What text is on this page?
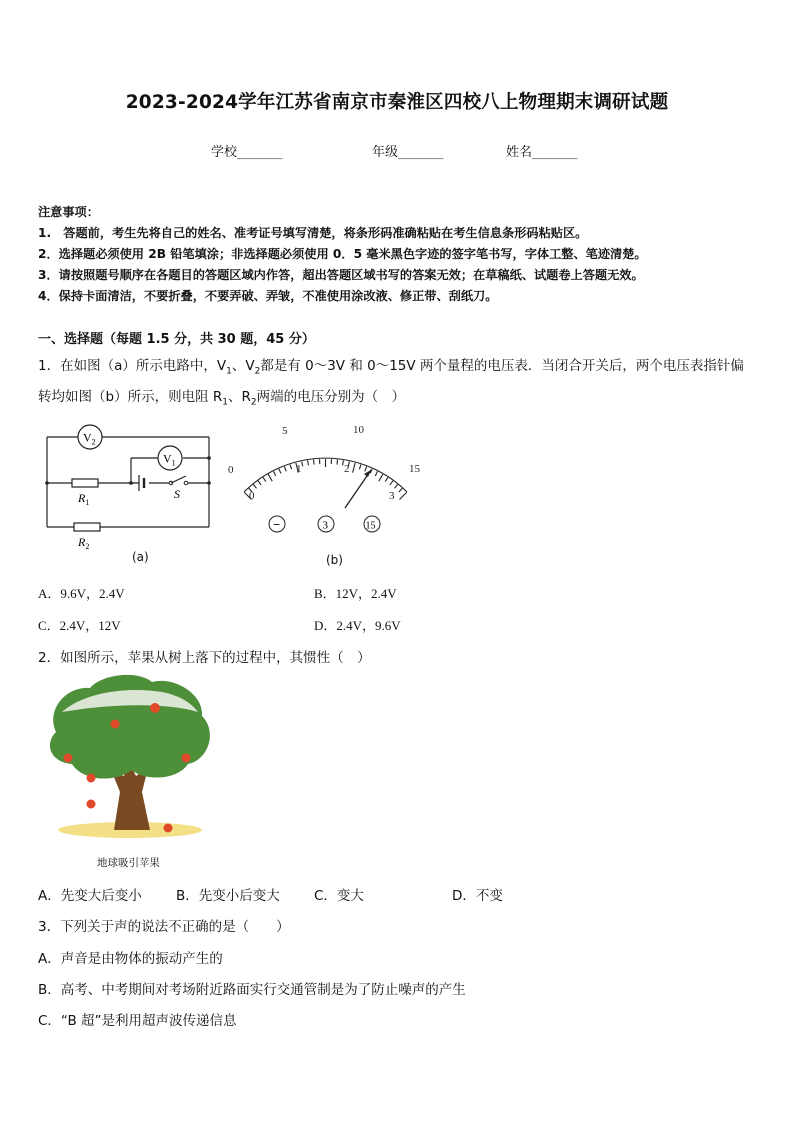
2023-2024学年江苏省南京市秦淮区四校八上物理期末调研试题
学校_______	年级_______	姓名_______
注意事项：
1.　答题前，考生先将自己的姓名、准考证号填写清楚，将条形码准确粘贴在考生信息条形码粘贴区。
2．选择题必须使用 2B 铅笔填涂；非选择题必须使用 0．5 毫米黑色字迹的签字笔书写，字体工整、笔迹清楚。
3．请按照题号顺序在各题目的答题区域内作答，超出答题区域书写的答案无效；在草稿纸、试题卷上答题无效。
4．保持卡面清洁，不要折叠，不要弄破、弄皱，不准使用涂改液、修正带、刮纸刀。
一、选择题（每题 1.5 分，共 30 题，45 分）
1．在如图（a）所示电路中，$V_1$、$V_2$都是有 0～3V 和 0～15V 两个量程的电压表．当闭合开关后，两个电压表指针偏
转均如图（b）所示，则电阻 $R_1$、$R_2$两端的电压分别为（　）
$V_2$
$V_1$
$R_1$
S
$R_2$
(a)
0
5	10
15
0
1	2
3
−	3	15
(b)
A．9.6V，2.4V	B．12V，2.4V
C．2.4V，12V	D．2.4V，9.6V
2．如图所示，苹果从树上落下的过程中，其惯性（　）
地球吸引苹果
A．先变大后变小	B．先变小后变大	C．变大	D．不变
3．下列关于声的说法不正确的是（　　）
A．声音是由物体的振动产生的
B．高考、中考期间对考场附近路面实行交通管制是为了防止噪声的产生
C．“B 超”是利用超声波传递信息
